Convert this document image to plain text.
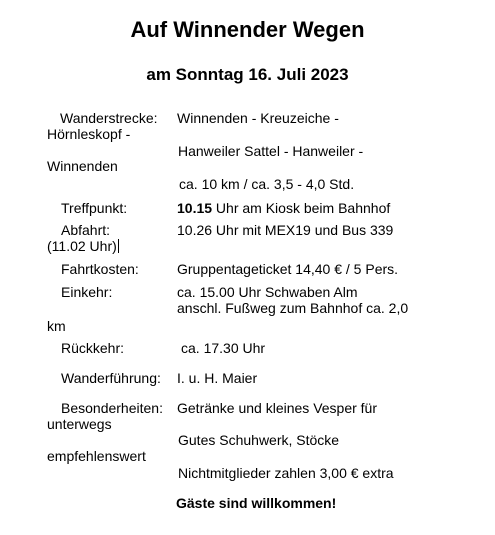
Auf Winnender Wegen
am Sonntag 16. Juli 2023
Wanderstrecke: Winnenden - Kreuzeiche -
Hörnleskopf -
Hanweiler Sattel - Hanweiler -
Winnenden
ca. 10 km / ca. 3,5 - 4,0 Std.
Treffpunkt:	10.15 Uhr am Kiosk beim Bahnhof
Abfahrt:	10.26 Uhr mit MEX19 und Bus 339
(11.02 Uhr)
Fahrtkosten:	Gruppentageticket 14,40 € / 5 Pers.
Einkehr:	ca. 15.00 Uhr Schwaben Alm
anschl. Fußweg zum Bahnhof ca. 2,0
km
Rückkehr:	ca. 17.30 Uhr
Wanderführung: I. u. H. Maier
Besonderheiten: Getränke und kleines Vesper für
unterwegs
Gutes Schuhwerk, Stöcke
empfehlenswert
Nichtmitglieder zahlen 3,00 € extra
Gäste sind willkommen!
